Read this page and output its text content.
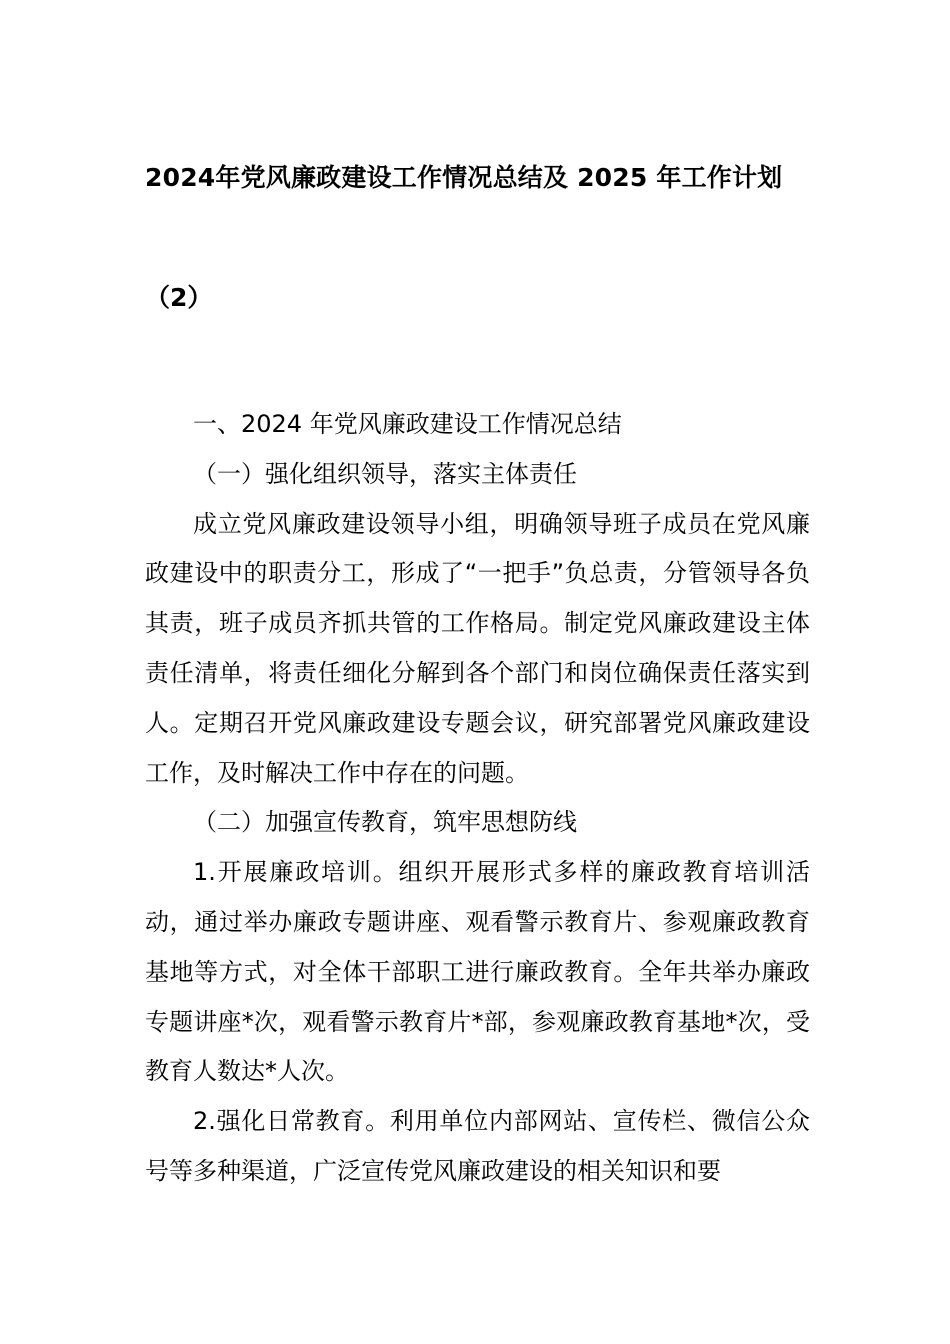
2024年党风廉政建设工作情况总结及 2025 年工作计划
（2）

一、2024 年党风廉政建设工作情况总结

（一）强化组织领导，落实主体责任

成立党风廉政建设领导小组，明确领导班子成员在党风廉政建设中的职责分工，形成了“一把手”负总责，分管领导各负其责，班子成员齐抓共管的工作格局。制定党风廉政建设主体责任清单，将责任细化分解到各个部门和岗位确保责任落实到人。定期召开党风廉政建设专题会议，研究部署党风廉政建设工作，及时解决工作中存在的问题。

（二）加强宣传教育，筑牢思想防线

1.开展廉政培训。组织开展形式多样的廉政教育培训活动，通过举办廉政专题讲座、观看警示教育片、参观廉政教育基地等方式，对全体干部职工进行廉政教育。全年共举办廉政专题讲座*次，观看警示教育片*部，参观廉政教育基地*次，受教育人数达*人次。

2.强化日常教育。利用单位内部网站、宣传栏、微信公众号等多种渠道，广泛宣传党风廉政建设的相关知识和要
